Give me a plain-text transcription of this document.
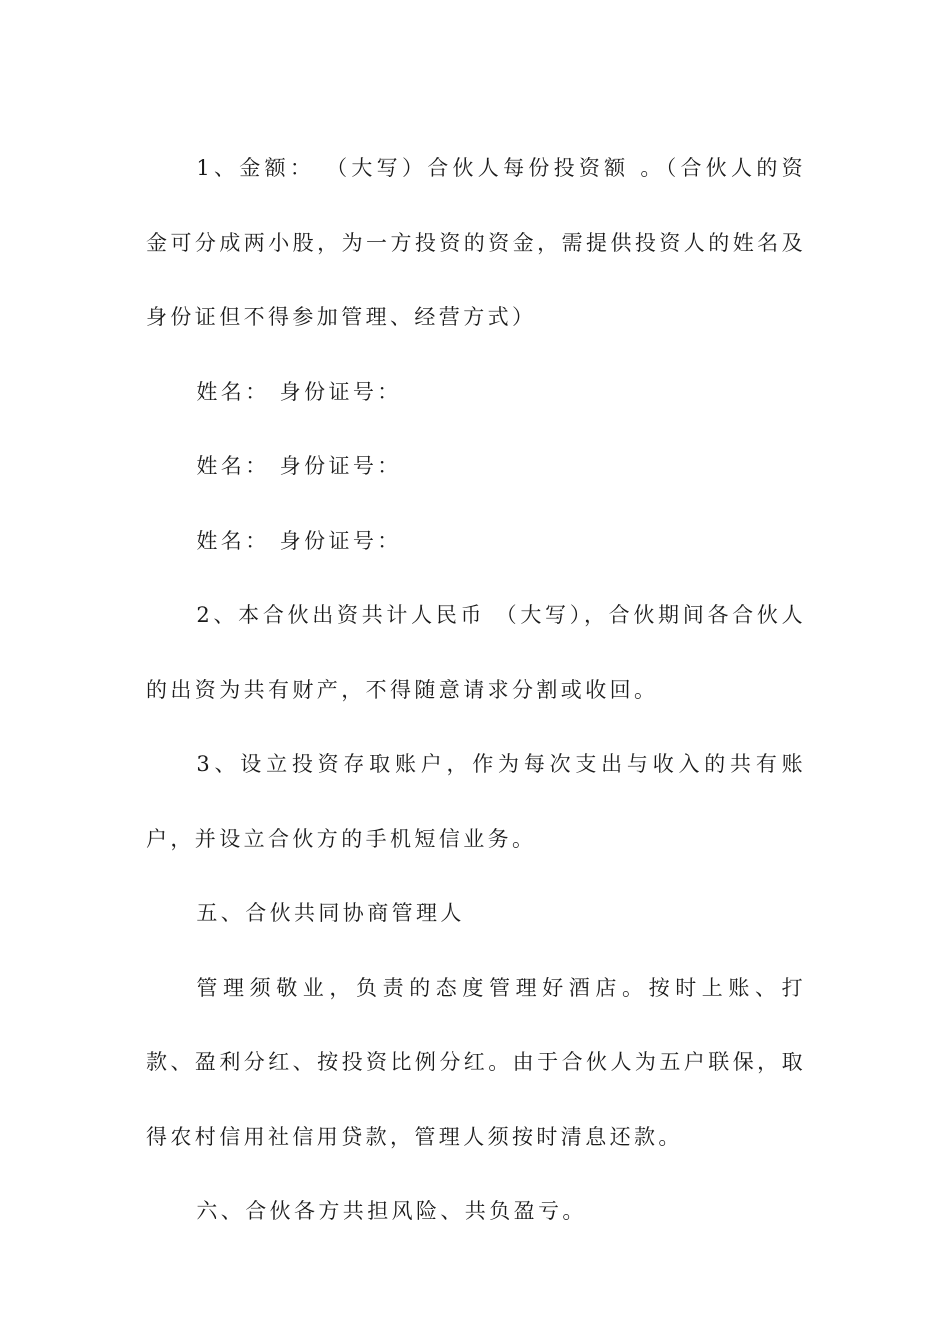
1、金额： （大写）合伙人每份投资额 。（合伙人的资金可分成两小股，为一方投资的资金，需提供投资人的姓名及身份证但不得参加管理、经营方式）

姓名： 身份证号：

姓名： 身份证号：

姓名： 身份证号：

2、本合伙出资共计人民币 （大写），合伙期间各合伙人的出资为共有财产，不得随意请求分割或收回。

3、设立投资存取账户，作为每次支出与收入的共有账户，并设立合伙方的手机短信业务。

五、合伙共同协商管理人

管理须敬业，负责的态度管理好酒店。按时上账、打款、盈利分红、按投资比例分红。由于合伙人为五户联保，取得农村信用社信用贷款，管理人须按时清息还款。

六、合伙各方共担风险、共负盈亏。
